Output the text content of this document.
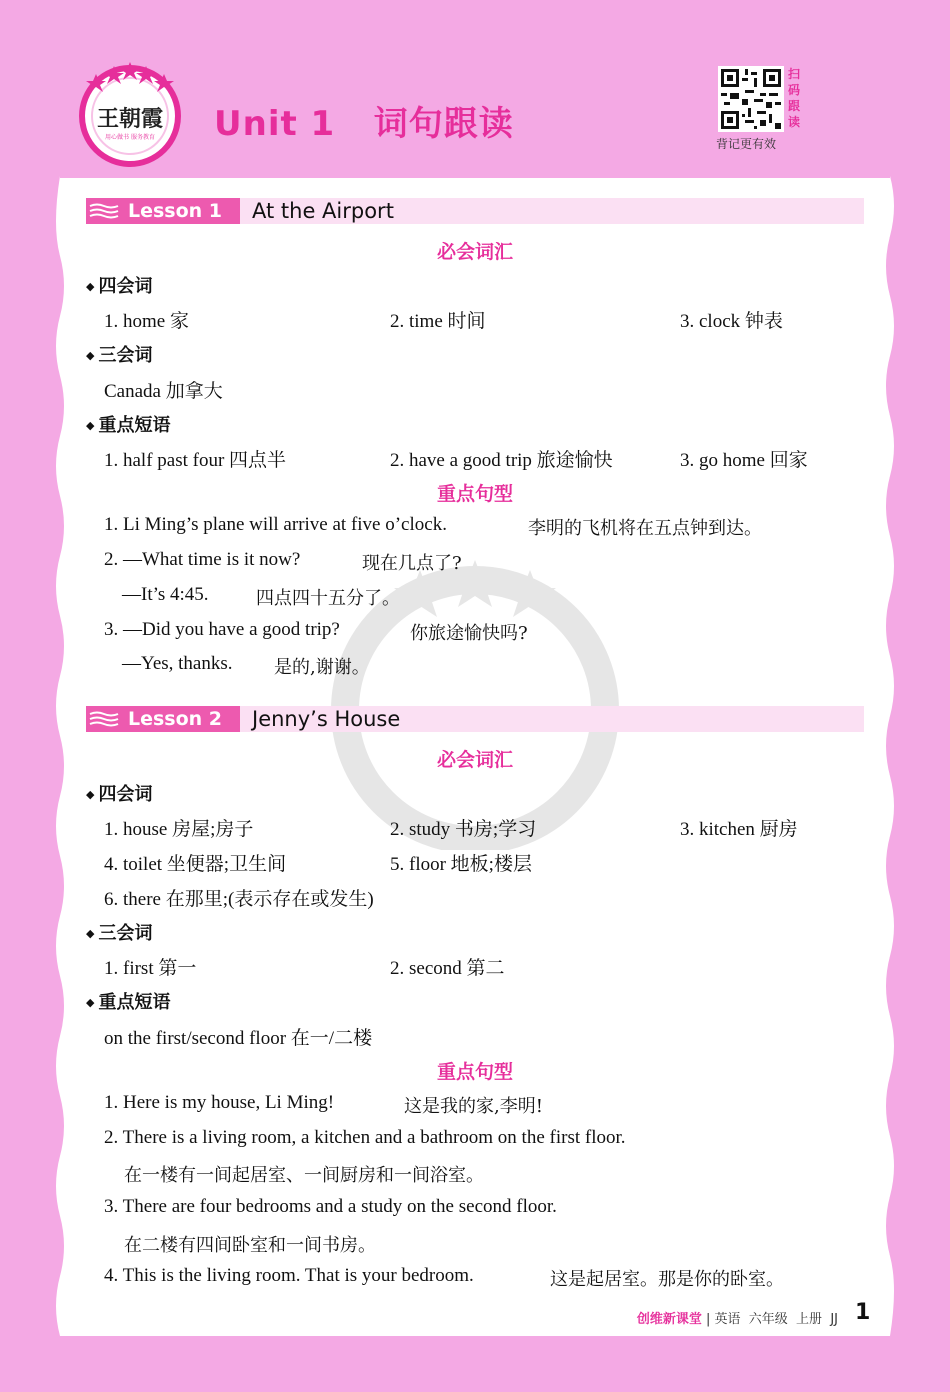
王朝霞
用心做书 服务教育	Unit 1   词句跟读
扫码跟读
背记更有效
Lesson 1 At the Airport
必会词汇
◆ 四会词
1. home 家	2. time 时间	3. clock 钟表
◆ 三会词
Canada 加拿大
◆ 重点短语
1. half past four 四点半	2. have a good trip 旅途愉快	3. go home 回家
重点句型
1. Li Ming’s plane will arrive at five o’clock.	李明的飞机将在五点钟到达。
2. —What time is it now?	现在几点了?
—It’s 4:45.	四点四十五分了。
3. —Did you have a good trip?	你旅途愉快吗?
—Yes, thanks. 是的,谢谢。
Lesson 2 Jenny’s House
必会词汇
◆ 四会词
1. house 房屋;房子	2. study 书房;学习	3. kitchen 厨房
4. toilet 坐便器;卫生间	5. floor 地板;楼层
6. there 在那里;(表示存在或发生)
◆ 三会词
1. first 第一	2. second 第二
◆ 重点短语
on the first/second floor 在一/二楼
重点句型
1. Here is my house, Li Ming!	这是我的家,李明!
2. There is a living room, a kitchen and a bathroom on the first floor.
在一楼有一间起居室、一间厨房和一间浴室。
3. There are four bedrooms and a study on the second floor.
在二楼有四间卧室和一间书房。
4. This is the living room. That is your bedroom.	这是起居室。那是你的卧室。
创维新课堂 | 英语  六年级  上册  JJ 1
